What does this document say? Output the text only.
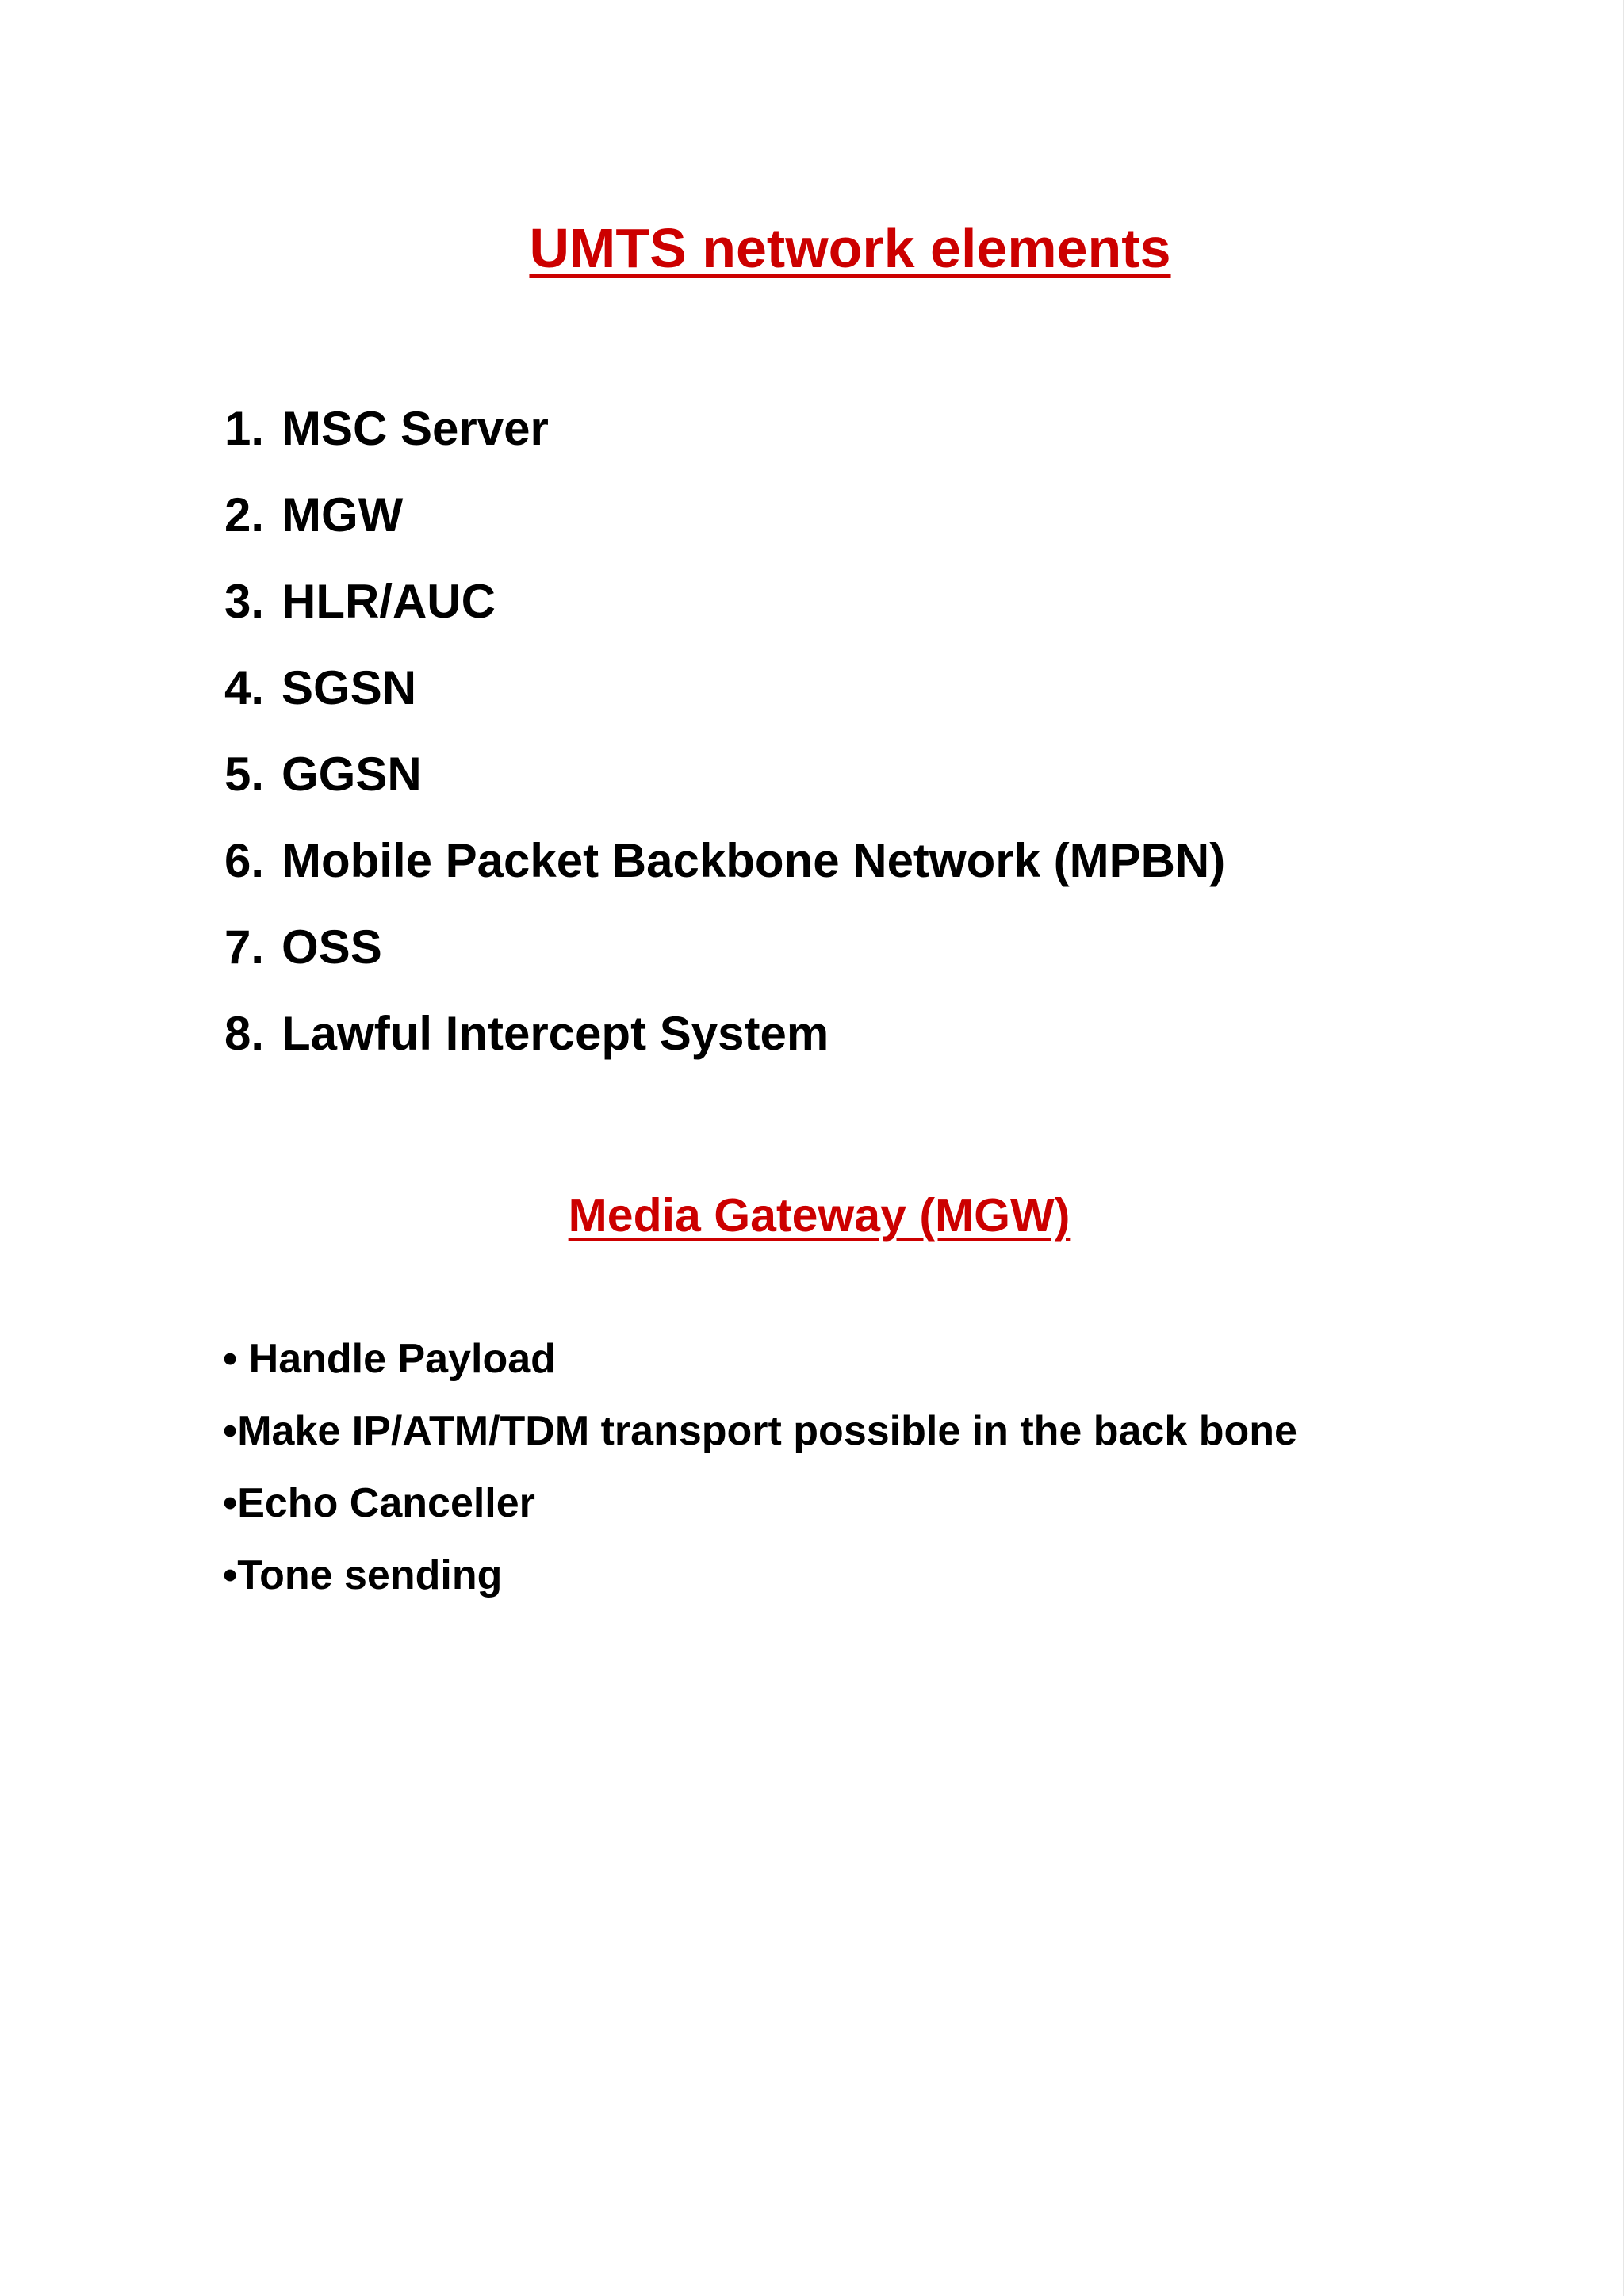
UMTS network elements
1. MSC Server
2. MGW
3. HLR/AUC
4. SGSN
5. GGSN
6. Mobile Packet Backbone Network (MPBN)
7. OSS
8. Lawful Intercept System
Media Gateway (MGW)
• Handle Payload
•Make IP/ATM/TDM transport possible in the back bone
•Echo Canceller
•Tone sending
